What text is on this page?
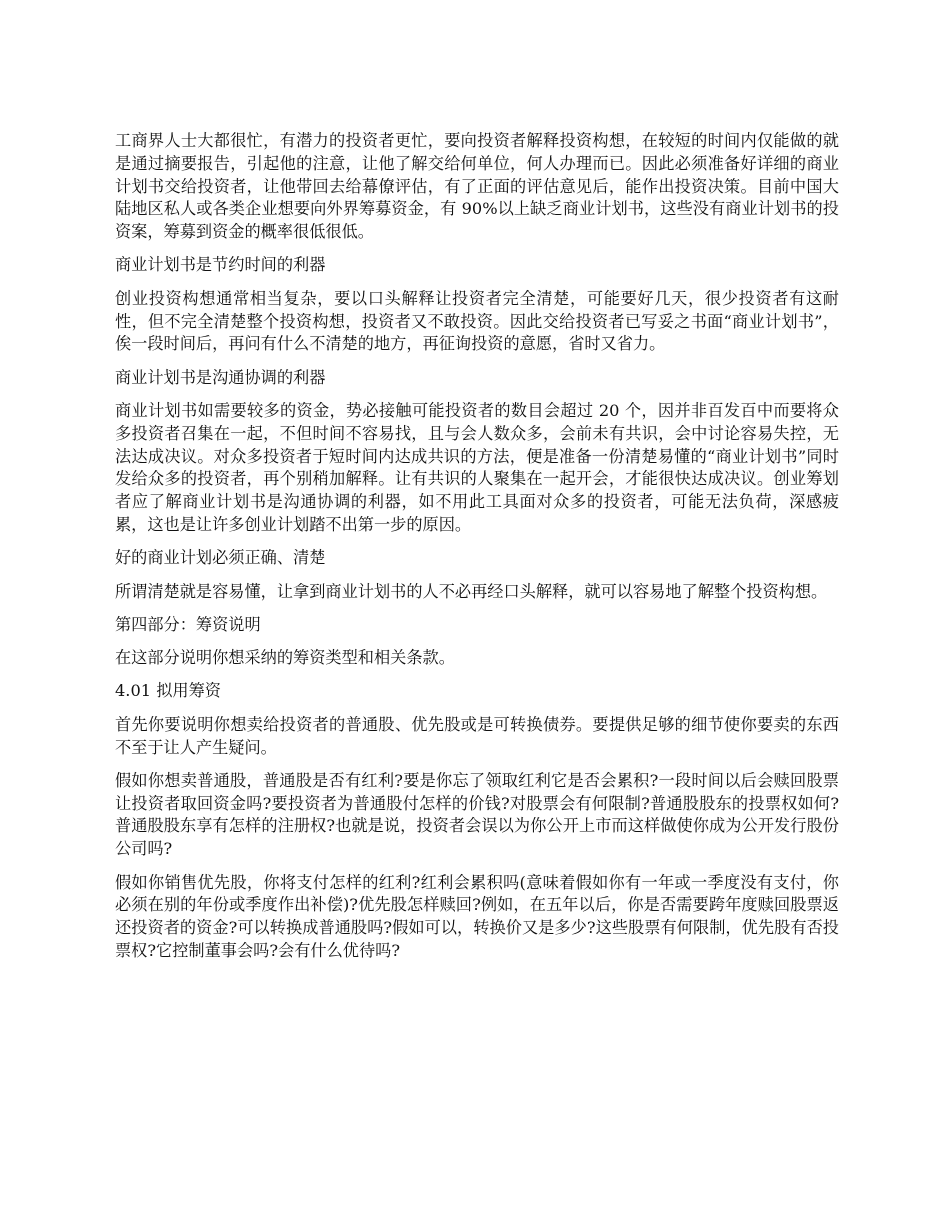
工商界人士大都很忙，有潜力的投资者更忙，要向投资者解释投资构想，在较短的时间内仅能做的就是通过摘要报告，引起他的注意，让他了解交给何单位，何人办理而已。因此必须准备好详细的商业计划书交给投资者，让他带回去给幕僚评估，有了正面的评估意见后，能作出投资决策。目前中国大陆地区私人或各类企业想要向外界筹募资金，有 90%以上缺乏商业计划书，这些没有商业计划书的投资案，筹募到资金的概率很低很低。

商业计划书是节约时间的利器

创业投资构想通常相当复杂，要以口头解释让投资者完全清楚，可能要好几天，很少投资者有这耐性，但不完全清楚整个投资构想，投资者又不敢投资。因此交给投资者已写妥之书面“商业计划书”，俟一段时间后，再问有什么不清楚的地方，再征询投资的意愿，省时又省力。

商业计划书是沟通协调的利器

商业计划书如需要较多的资金，势必接触可能投资者的数目会超过 20 个，因并非百发百中而要将众多投资者召集在一起，不但时间不容易找，且与会人数众多，会前未有共识，会中讨论容易失控，无法达成决议。对众多投资者于短时间内达成共识的方法，便是准备一份清楚易懂的“商业计划书”同时发给众多的投资者，再个别稍加解释。让有共识的人聚集在一起开会，才能很快达成决议。创业筹划者应了解商业计划书是沟通协调的利器，如不用此工具面对众多的投资者，可能无法负荷，深感疲累，这也是让许多创业计划踏不出第一步的原因。

好的商业计划必须正确、清楚

所谓清楚就是容易懂，让拿到商业计划书的人不必再经口头解释，就可以容易地了解整个投资构想。

第四部分：筹资说明

在这部分说明你想采纳的筹资类型和相关条款。

4.01 拟用筹资

首先你要说明你想卖给投资者的普通股、优先股或是可转换债券。要提供足够的细节使你要卖的东西不至于让人产生疑问。

假如你想卖普通股，普通股是否有红利?要是你忘了领取红利它是否会累积?一段时间以后会赎回股票让投资者取回资金吗?要投资者为普通股付怎样的价钱?对股票会有何限制?普通股股东的投票权如何?普通股股东享有怎样的注册权?也就是说，投资者会误以为你公开上市而这样做使你成为公开发行股份公司吗?

假如你销售优先股，你将支付怎样的红利?红利会累积吗(意味着假如你有一年或一季度没有支付，你必须在别的年份或季度作出补偿)?优先股怎样赎回?例如，在五年以后，你是否需要跨年度赎回股票返还投资者的资金?可以转换成普通股吗?假如可以，转换价又是多少?这些股票有何限制，优先股有否投票权?它控制董事会吗?会有什么优待吗?
